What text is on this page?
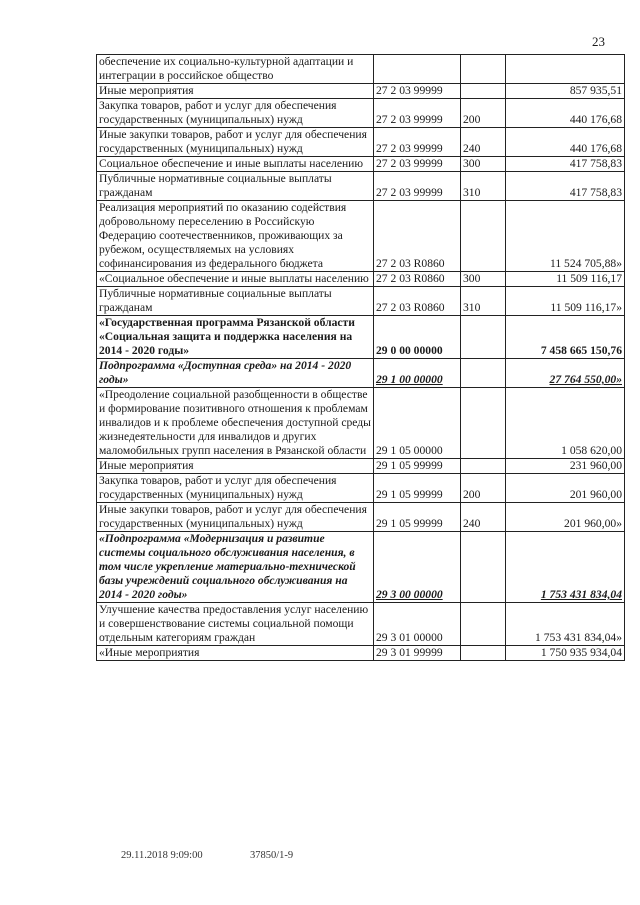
23
обеспечение их социально-культурной адаптации и интеграции в российское общество			
Иные мероприятия	27 2 03 99999		857 935,51
Закупка товаров, работ и услуг для обеспечения государственных (муниципальных) нужд	27 2 03 99999	200	440 176,68
Иные закупки товаров, работ и услуг для обеспечения государственных (муниципальных) нужд	27 2 03 99999	240	440 176,68
Социальное обеспечение и иные выплаты населению	27 2 03 99999	300	417 758,83
Публичные нормативные социальные выплаты гражданам	27 2 03 99999	310	417 758,83
Реализация мероприятий по оказанию содействия добровольному переселению в Российскую Федерацию соотечественников, проживающих за рубежом, осуществляемых на условиях софинансирования из федерального бюджета	27 2 03 R0860		11 524 705,88»
«Социальное обеспечение и иные выплаты населению	27 2 03 R0860	300	11 509 116,17
Публичные нормативные социальные выплаты гражданам	27 2 03 R0860	310	11 509 116,17»
«Государственная программа Рязанской области «Социальная защита и поддержка населения на 2014 - 2020 годы»	29 0 00 00000		7 458 665 150,76
Подпрограмма «Доступная среда» на 2014 - 2020 годы»	29 1 00 00000		27 764 550,00»
«Преодоление социальной разобщенности в обществе и формирование позитивного отношения к проблемам инвалидов и к проблеме обеспечения доступной среды жизнедеятельности для инвалидов и других маломобильных групп населения в Рязанской области	29 1 05 00000		1 058 620,00
Иные мероприятия	29 1 05 99999		231 960,00
Закупка товаров, работ и услуг для обеспечения государственных (муниципальных) нужд	29 1 05 99999	200	201 960,00
Иные закупки товаров, работ и услуг для обеспечения государственных (муниципальных) нужд	29 1 05 99999	240	201 960,00»
«Подпрограмма «Модернизация и развитие системы социального обслуживания населения, в том числе укрепление материально-технической базы учреждений социального обслуживания на 2014 - 2020 годы»	29 3 00 00000		1 753 431 834,04
Улучшение качества предоставления услуг населению и совершенствование системы социальной помощи отдельным категориям граждан	29 3 01 00000		1 753 431 834,04»
«Иные мероприятия	29 3 01 99999		1 750 935 934,04
29.11.2018 9:09:00	37850/1-9
